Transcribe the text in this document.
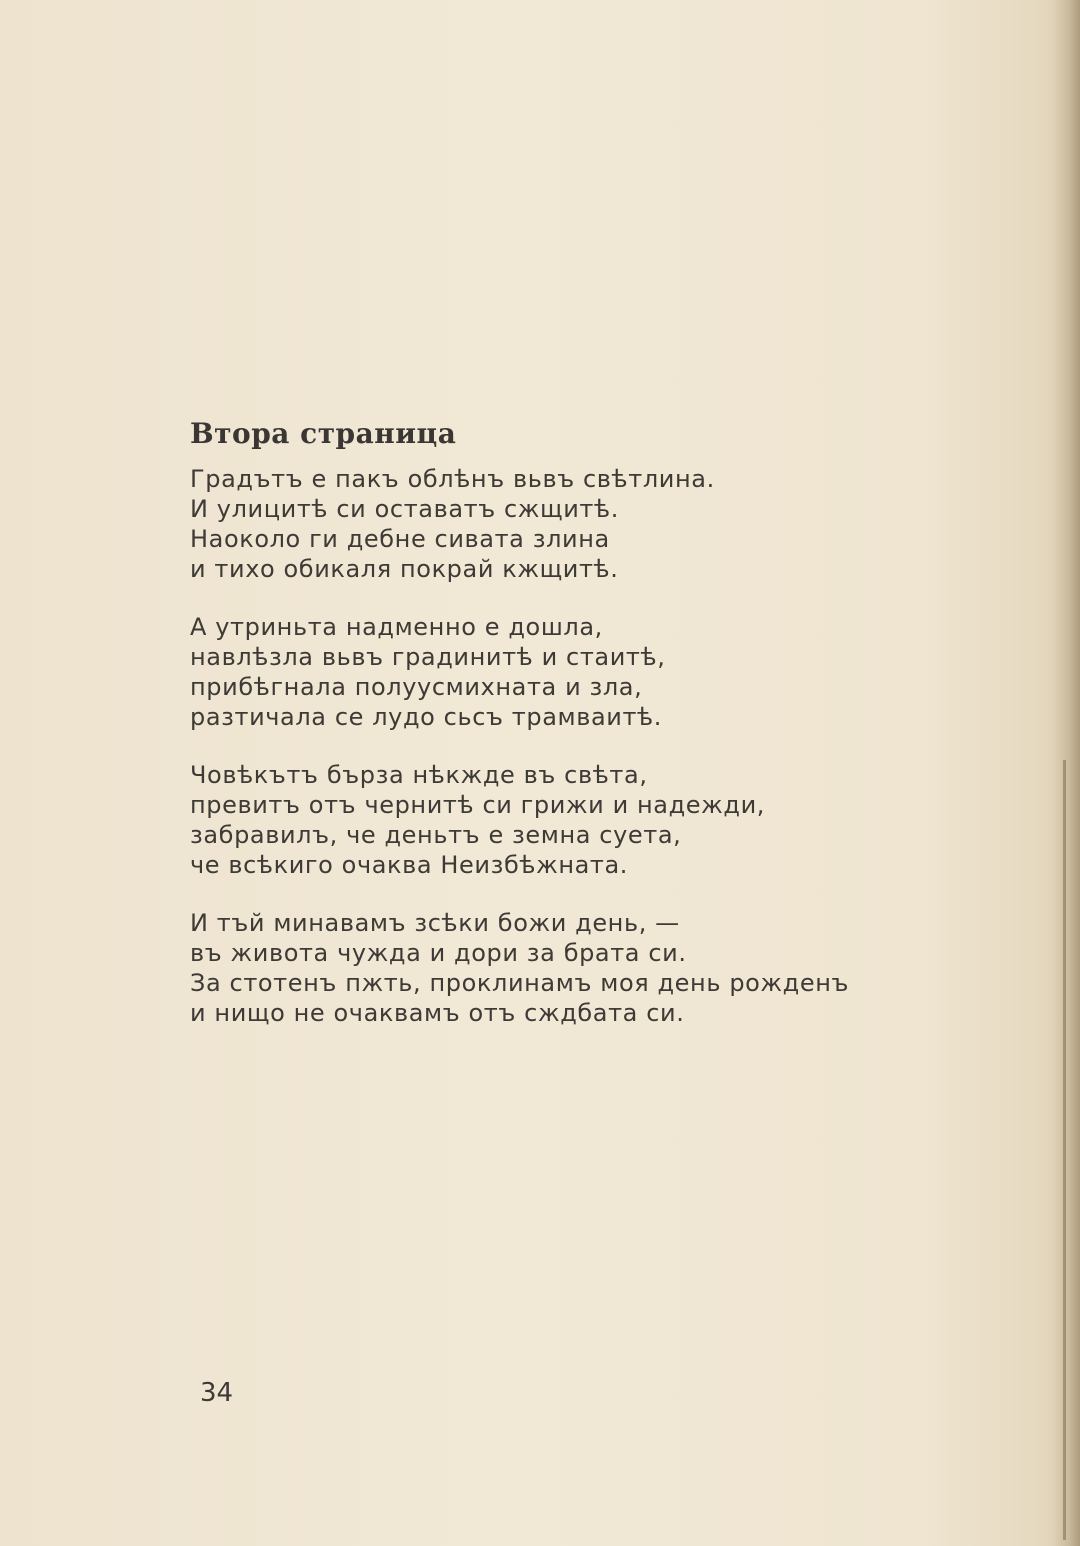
Втора страница
Градътъ е пакъ облѣнъ вьвъ свѣтлина.
И улицитѣ си оставатъ сжщитѣ.
Наоколо ги дебне сивата злина
и тихо обикаля покрай кжщитѣ.
А утриньта надменно е дошла,
навлѣзла вьвъ градинитѣ и стаитѣ,
прибѣгнала полуусмихната и зла,
разтичала се лудо сьсъ трамваитѣ.
Човѣкътъ бърза нѣкжде въ свѣта,
превитъ отъ чернитѣ си грижи и надежди,
забравилъ, че деньтъ е земна суета,
че всѣкиго очаква Неизбѣжната.
И тъй минавамъ зсѣки божи день, —
въ живота чужда и дори за брата си.
За стотенъ пжть, проклинамъ моя день рожденъ
и нищо не очаквамъ отъ сждбата си.
34
